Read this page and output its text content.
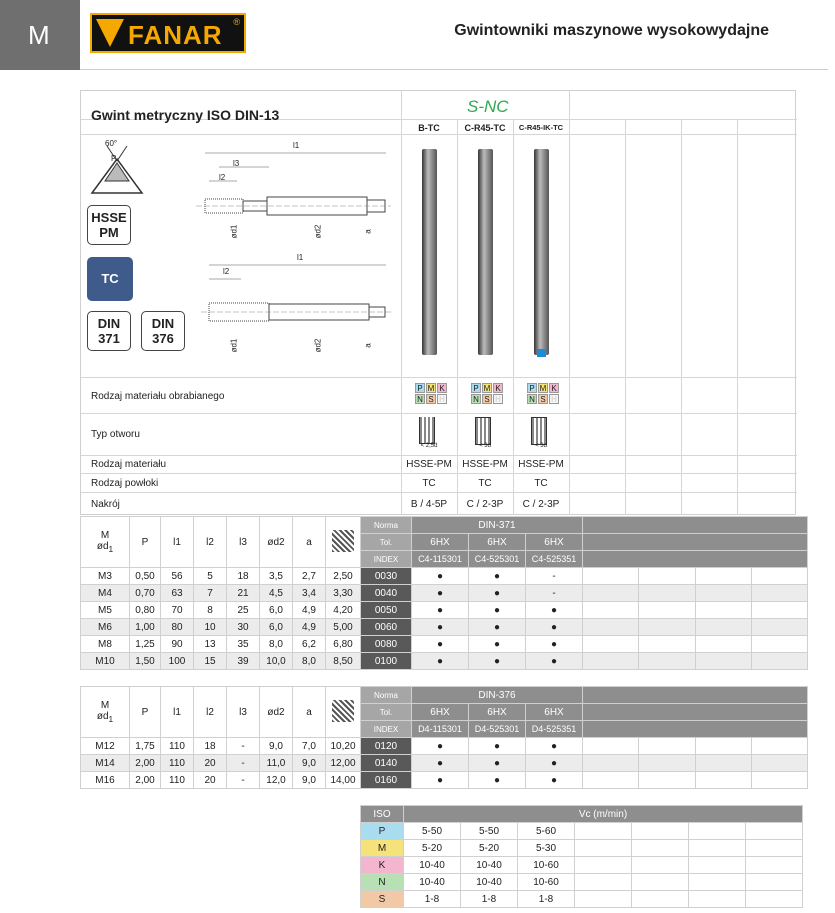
M	FANAR ®	Gwintowniki maszynowe wysokowydajne
Gwint metryczny ISO DIN-13	S-NC
B-TC	C-R45-TC	C-R45-IK-TC
60°
P
HSSE
PM
TC
DIN
371
DIN
376
l1
l3
l2
ød1	ød2	a
l1
l2
ød1	ød2	a
Rodzaj materiału obrabianego
Typ otworu
Rodzaj materiału
Rodzaj powłoki
Nakrój
P M K
N S H
P M K
N S H
P M K
N S H
< 2,5d	< 3d	< 3d
HSSE-PM	HSSE-PM	HSSE-PM
TC	TC	TC
B / 4-5P	C / 2-3P	C / 2-3P
M
$ød_1$	P	l1	l2	l3	ød2	a		Norma	DIN-371						
								Tol.	6HX	6HX	6HX				
								INDEX	C4-115301	C4-525301	C4-525351				
M3	0,50	56	5	18	3,5	2,7	2,50	0030	●	●	-				
M4	0,70	63	7	21	4,5	3,4	3,30	0040	●	●	-				
M5	0,80	70	8	25	6,0	4,9	4,20	0050	●	●	●				
M6	1,00	80	10	30	6,0	4,9	5,00	0060	●	●	●				
M8	1,25	90	13	35	8,0	6,2	6,80	0080	●	●	●				
M10	1,50	100	15	39	10,0	8,0	8,50	0100	●	●	●				
M
$ød_1$	P	l1	l2	l3	ød2	a		Norma	DIN-376						
								Tol.	6HX	6HX	6HX				
								INDEX	D4-115301	D4-525301	D4-525351				
M12	1,75	110	18	-	9,0	7,0	10,20	0120	●	●	●				
M14	2,00	110	20	-	11,0	9,0	12,00	0140	●	●	●				
M16	2,00	110	20	-	12,0	9,0	14,00	0160	●	●	●				
ISO	Vc (m/min)						
P	5-50	5-50	5-60				
M	5-20	5-20	5-30				
K	10-40	10-40	10-60				
N	10-40	10-40	10-60				
S	1-8	1-8	1-8				
